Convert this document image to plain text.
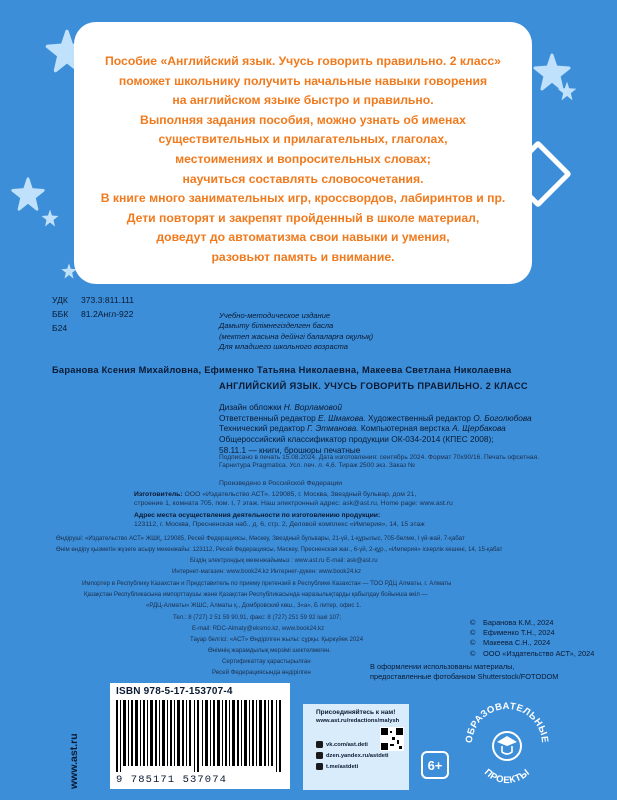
Пособие «Английский язык. Учусь говорить правильно. 2 класс»

поможет школьнику получить начальные навыки говорения

на английском языке быстро и правильно.

Выполняя задания пособия, можно узнать об именах

существительных и прилагательных, глаголах,

местоимениях и вопросительных словах;

научиться составлять словосочетания.

В книге много занимательных игр, кроссвордов, лабиринтов и пр.

Дети повторят и закрепят пройденный в школе материал,

доведут до автоматизма свои навыки и умения,

разовьют память и внимание.

УДК	373.3:811.111
ББК	81.2Англ-922
Б24
Учебно-методическое издание
Дамыту бiлiмнегiзделген басла
(мектеп жасына дейiнгi балаларға оқулық)
Для младшего школьного возраста
Баранова Ксения Михайловна, Ефименко Татьяна Николаевна, Макеева Светлана Николаевна
АНГЛИЙСКИЙ ЯЗЫК. УЧУСЬ ГОВОРИТЬ ПРАВИЛЬНО. 2 КЛАСС
Дизайн обложки Н. Ворламовой
Ответственный редактор Е. Шмакова. Художественный редактор О. Боголюбова
Технический редактор Г. Этманова. Компьютерная верстка А. Щербакова
Общероссийский классификатор продукции ОК-034-2014 (КПЕС 2008);
58.11.1 — книги, брошюры печатные
Подписано в печать 15.08.2024. Дата изготовления: сентябрь 2024. Формат 70х90/16. Печать офсетная.
Гарнитура Pragmatica. Усл. печ. л. 4,6. Тираж 2500 экз. Заказ №
Произведено в Российской Федерации
Изготовитель: ООО «Издательство АСТ». 129085, г. Москва, Звездный бульвар, дом 21,
строение 1, комната 705, пом. I, 7 этаж. Наш электронный адрес: ask@ast.ru, Home page: www.ast.ru
Адрес места осуществления деятельности по изготовлению продукции:
123112, г. Москва, Пресненская наб., д. 6, стр. 2, Деловой комплекс «Империя», 14, 15 этаж
Өндіруші: «Издательство АСТ» ЖШҚ, 129085, Ресей Федерациясы, Мәскеу, Звездный бульвары, 21-үй, 1-құрылыс, 705-бөлме, I үй-жай, 7-қабат
Өнім өндiру қызметін жүзеге асыру мекенжайы: 123112, Ресей Федерациясы, Мәскеу, Пресненская жағ., 6-үй, 2-құр., «Империя» іскерлік кешені, 14, 15-қабат
Біздің электрондық мекенжайымыз : www.ast.ru E-mail: ask@ast.ru
Интернет-магазин: www.book24.kz Интернет-дүкен: www.book24.kz
Импортер в Республику Казахстан и Представитель по приему претензий в Республике Казахстан — ТОО РДЦ Алматы, г. Алматы
Қазақстан Республикасына импорттаушы және Қазақстан Республикасында наразылықтарды қабылдау бойынша өкіл —
«РДЦ-Алматы» ЖШС, Алматы қ., Домбровский көш., 3«а», Б литер, офис 1.
Тел.: 8 (727) 2 51 59 90,91, факс: 8 (727) 251 59 92 ішкі 107;
E-mail: RDC-Almaty@eksmo.kz, www.book24.kz
Тауар белгісі: «АСТ» Өндірілген жылы: сұрқы. Қыркүйек 2024
Өнімнің жарамдылық мерзімі шектелмеген.
Сертификаттау қарастырылған
Ресей Федерациясында өндірілген
©	Баранова К.М., 2024
©	Ефименко Т.Н., 2024
©	Макеева С.Н., 2024
©	ООО «Издательство АСТ», 2024
В оформлении использованы материалы,
предоставленные фотобанком Shutterstock/FOTODOM
www.ast.ru
ISBN 978-5-17-153707-4
9 785171 537074
Присоединяйтесь к нам!
www.ast.ru/redactions/malysh
vk.com/ast.deti
dzen.yandex.ru/astdeti
t.me/astdeti	6+
ОБРАЗОВАТЕЛЬНЫЕ
ПРОЕКТЫ
